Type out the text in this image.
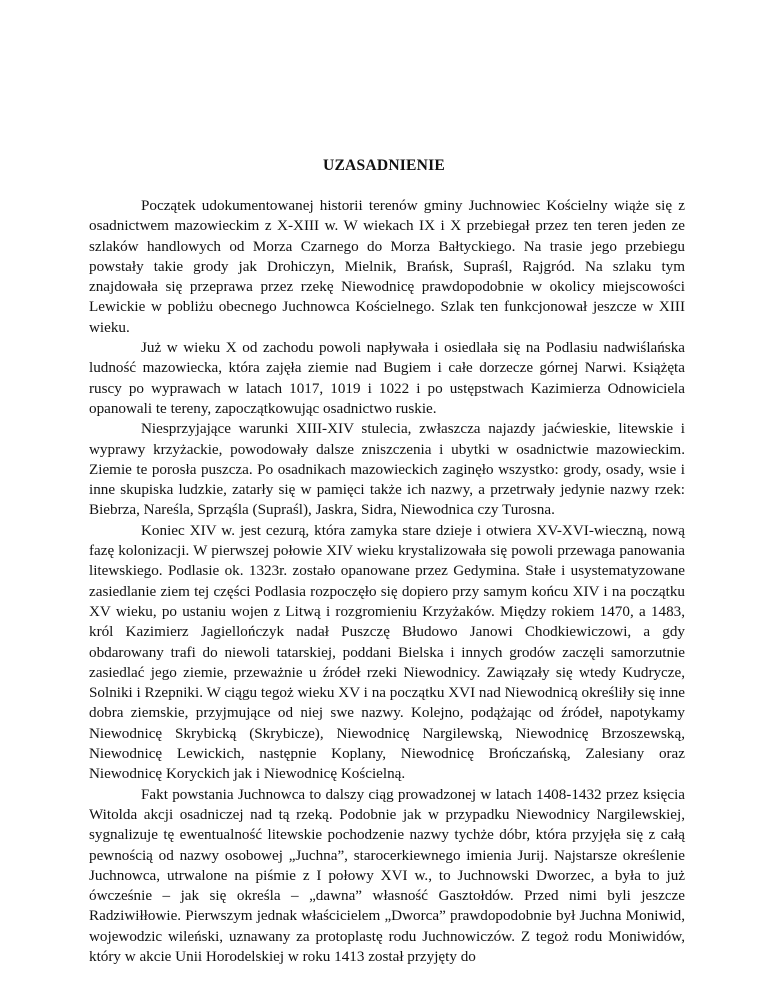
UZASADNIENIE

Początek udokumentowanej historii terenów gminy Juchnowiec Kościelny wiąże się z osadnictwem mazowieckim z X-XIII w. W wiekach IX i X przebiegał przez ten teren jeden ze szlaków handlowych od Morza Czarnego do Morza Bałtyckiego. Na trasie jego przebiegu powstały takie grody jak Drohiczyn, Mielnik, Brańsk, Supraśl, Rajgród. Na szlaku tym znajdowała się przeprawa przez rzekę Niewodnicę prawdopodobnie w okolicy miejscowości Lewickie w pobliżu obecnego Juchnowca Kościelnego. Szlak ten funkcjonował jeszcze w XIII wieku.

Już w wieku X od zachodu powoli napływała i osiedlała się na Podlasiu nadwiślańska ludność mazowiecka, która zajęła ziemie nad Bugiem i całe dorzecze górnej Narwi. Książęta ruscy po wyprawach w latach 1017, 1019 i 1022 i po ustępstwach Kazimierza Odnowiciela opanowali te tereny, zapoczątkowując osadnictwo ruskie.

Niesprzyjające warunki XIII-XIV stulecia, zwłaszcza najazdy jaćwieskie, litewskie i wyprawy krzyżackie, powodowały dalsze zniszczenia i ubytki w osadnictwie mazowieckim. Ziemie te porosła puszcza. Po osadnikach mazowieckich zaginęło wszystko: grody, osady, wsie i inne skupiska ludzkie, zatarły się w pamięci także ich nazwy, a przetrwały jedynie nazwy rzek: Biebrza, Nareśla, Sprząśla (Supraśl), Jaskra, Sidra, Niewodnica czy Turosna.

Koniec XIV w. jest cezurą, która zamyka stare dzieje i otwiera XV-XVI-wieczną, nową fazę kolonizacji. W pierwszej połowie XIV wieku krystalizowała się powoli przewaga panowania litewskiego. Podlasie ok. 1323r. zostało opanowane przez Gedymina. Stałe i usystematyzowane zasiedlanie ziem tej części Podlasia rozpoczęło się dopiero przy samym końcu XIV i na początku XV wieku, po ustaniu wojen z Litwą i rozgromieniu Krzyżaków. Między rokiem 1470, a 1483, król Kazimierz Jagiellończyk nadał Puszczę Błudowo Janowi Chodkiewiczowi, a gdy obdarowany trafi do niewoli tatarskiej, poddani Bielska i innych grodów zaczęli samorzutnie zasiedlać jego ziemie, przeważnie u źródeł rzeki Niewodnicy. Zawiązały się wtedy Kudrycze, Solniki i Rzepniki. W ciągu tegoż wieku XV i na początku XVI nad Niewodnicą określiły się inne dobra ziemskie, przyjmujące od niej swe nazwy. Kolejno, podążając od źródeł, napotykamy Niewodnicę Skrybicką (Skrybicze), Niewodnicę Nargilewską, Niewodnicę Brzoszewską, Niewodnicę Lewickich, następnie Koplany, Niewodnicę Brończańską, Zalesiany oraz Niewodnicę Koryckich jak i Niewodnicę Kościelną.

Fakt powstania Juchnowca to dalszy ciąg prowadzonej w latach 1408-1432 przez księcia Witolda akcji osadniczej nad tą rzeką. Podobnie jak w przypadku Niewodnicy Nargilewskiej, sygnalizuje tę ewentualność litewskie pochodzenie nazwy tychże dóbr, która przyjęła się z całą pewnością od nazwy osobowej „Juchna”, starocerkiewnego imienia Jurij. Najstarsze określenie Juchnowca, utrwalone na piśmie z I połowy XVI w., to Juchnowski Dworzec, a była to już ówcześnie – jak się określa – „dawna” własność Gasztołdów. Przed nimi byli jeszcze Radziwiłłowie. Pierwszym jednak właścicielem „Dworca” prawdopodobnie był Juchna Moniwid, wojewodzic wileński, uznawany za protoplastę rodu Juchnowiczów. Z tegoż rodu Moniwidów, który w akcie Unii Horodelskiej w roku 1413 został przyjęty do
